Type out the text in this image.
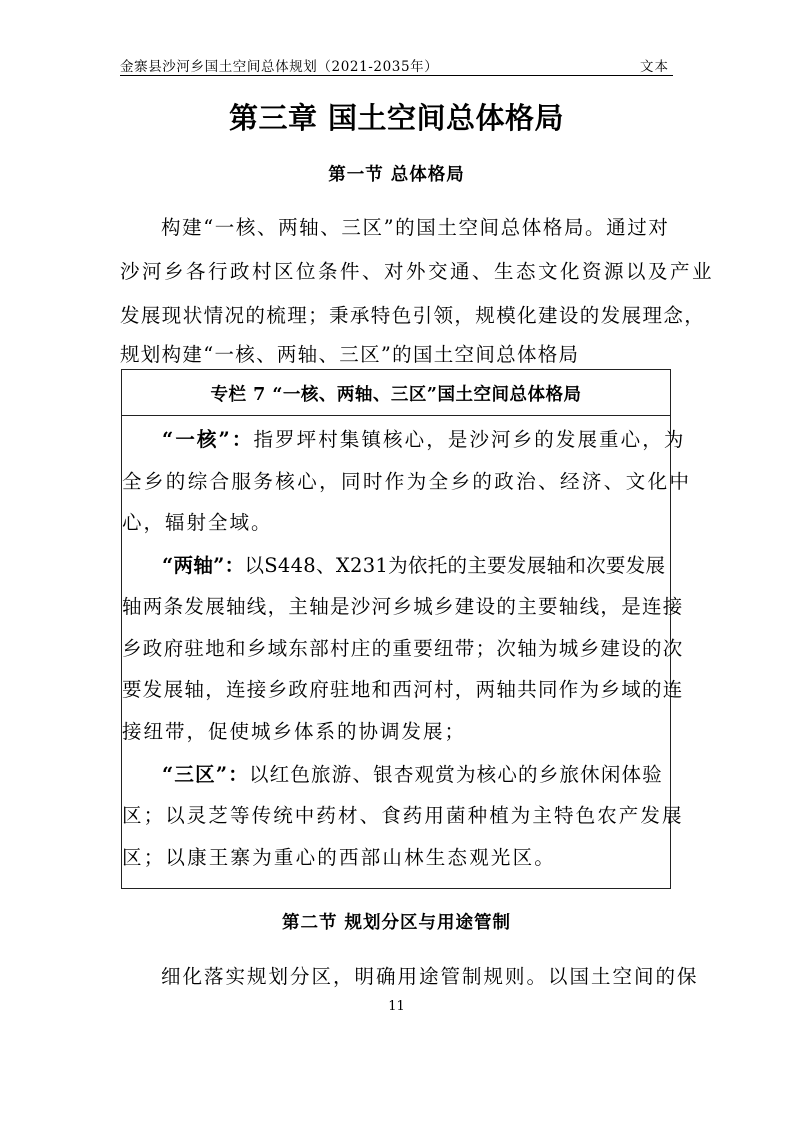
金寨县沙河乡国土空间总体规划（2021-2035年）	文本
第三章 国土空间总体格局
第一节 总体格局
构建“一核、两轴、三区”的国土空间总体格局。通过对
沙河乡各行政村区位条件、对外交通、生态文化资源以及产业
发展现状情况的梳理；秉承特色引领，规模化建设的发展理念，
规划构建“一核、两轴、三区”的国土空间总体格局
专栏 7 “一核、两轴、三区”国土空间总体格局
“一核”：指罗坪村集镇核心，是沙河乡的发展重心，为
全乡的综合服务核心，同时作为全乡的政治、经济、文化中
心，辐射全域。
“两轴”：以S448、X231为依托的主要发展轴和次要发展
轴两条发展轴线，主轴是沙河乡城乡建设的主要轴线，是连接
乡政府驻地和乡域东部村庄的重要纽带；次轴为城乡建设的次
要发展轴，连接乡政府驻地和西河村，两轴共同作为乡域的连
接纽带，促使城乡体系的协调发展；
“三区”：以红色旅游、银杏观赏为核心的乡旅休闲体验
区；以灵芝等传统中药材、食药用菌种植为主特色农产发展
区；以康王寨为重心的西部山林生态观光区。
第二节 规划分区与用途管制
细化落实规划分区，明确用途管制规则。以国土空间的保
11
